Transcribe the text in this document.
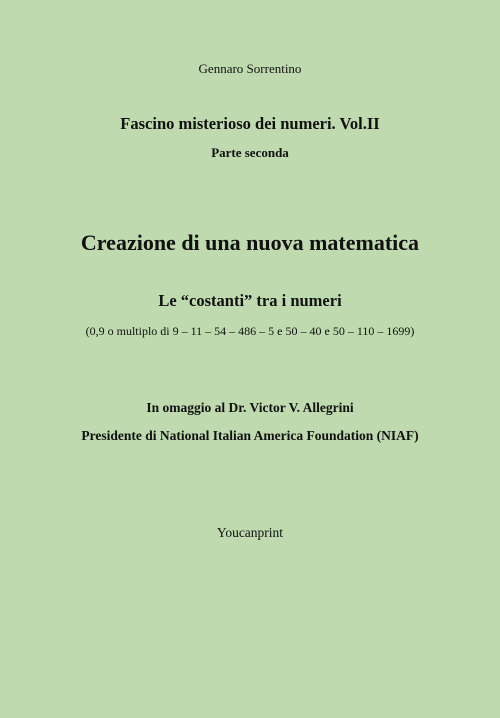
Gennaro Sorrentino
Fascino misterioso dei numeri. Vol.II
Parte seconda
Creazione di una nuova matematica
Le “costanti” tra i numeri
(0,9 o multiplo di 9 – 11 – 54 – 486 – 5 e 50 – 40 e 50 – 110 – 1699)
In omaggio al Dr. Victor V. Allegrini
Presidente di National Italian America Foundation (NIAF)
Youcanprint
